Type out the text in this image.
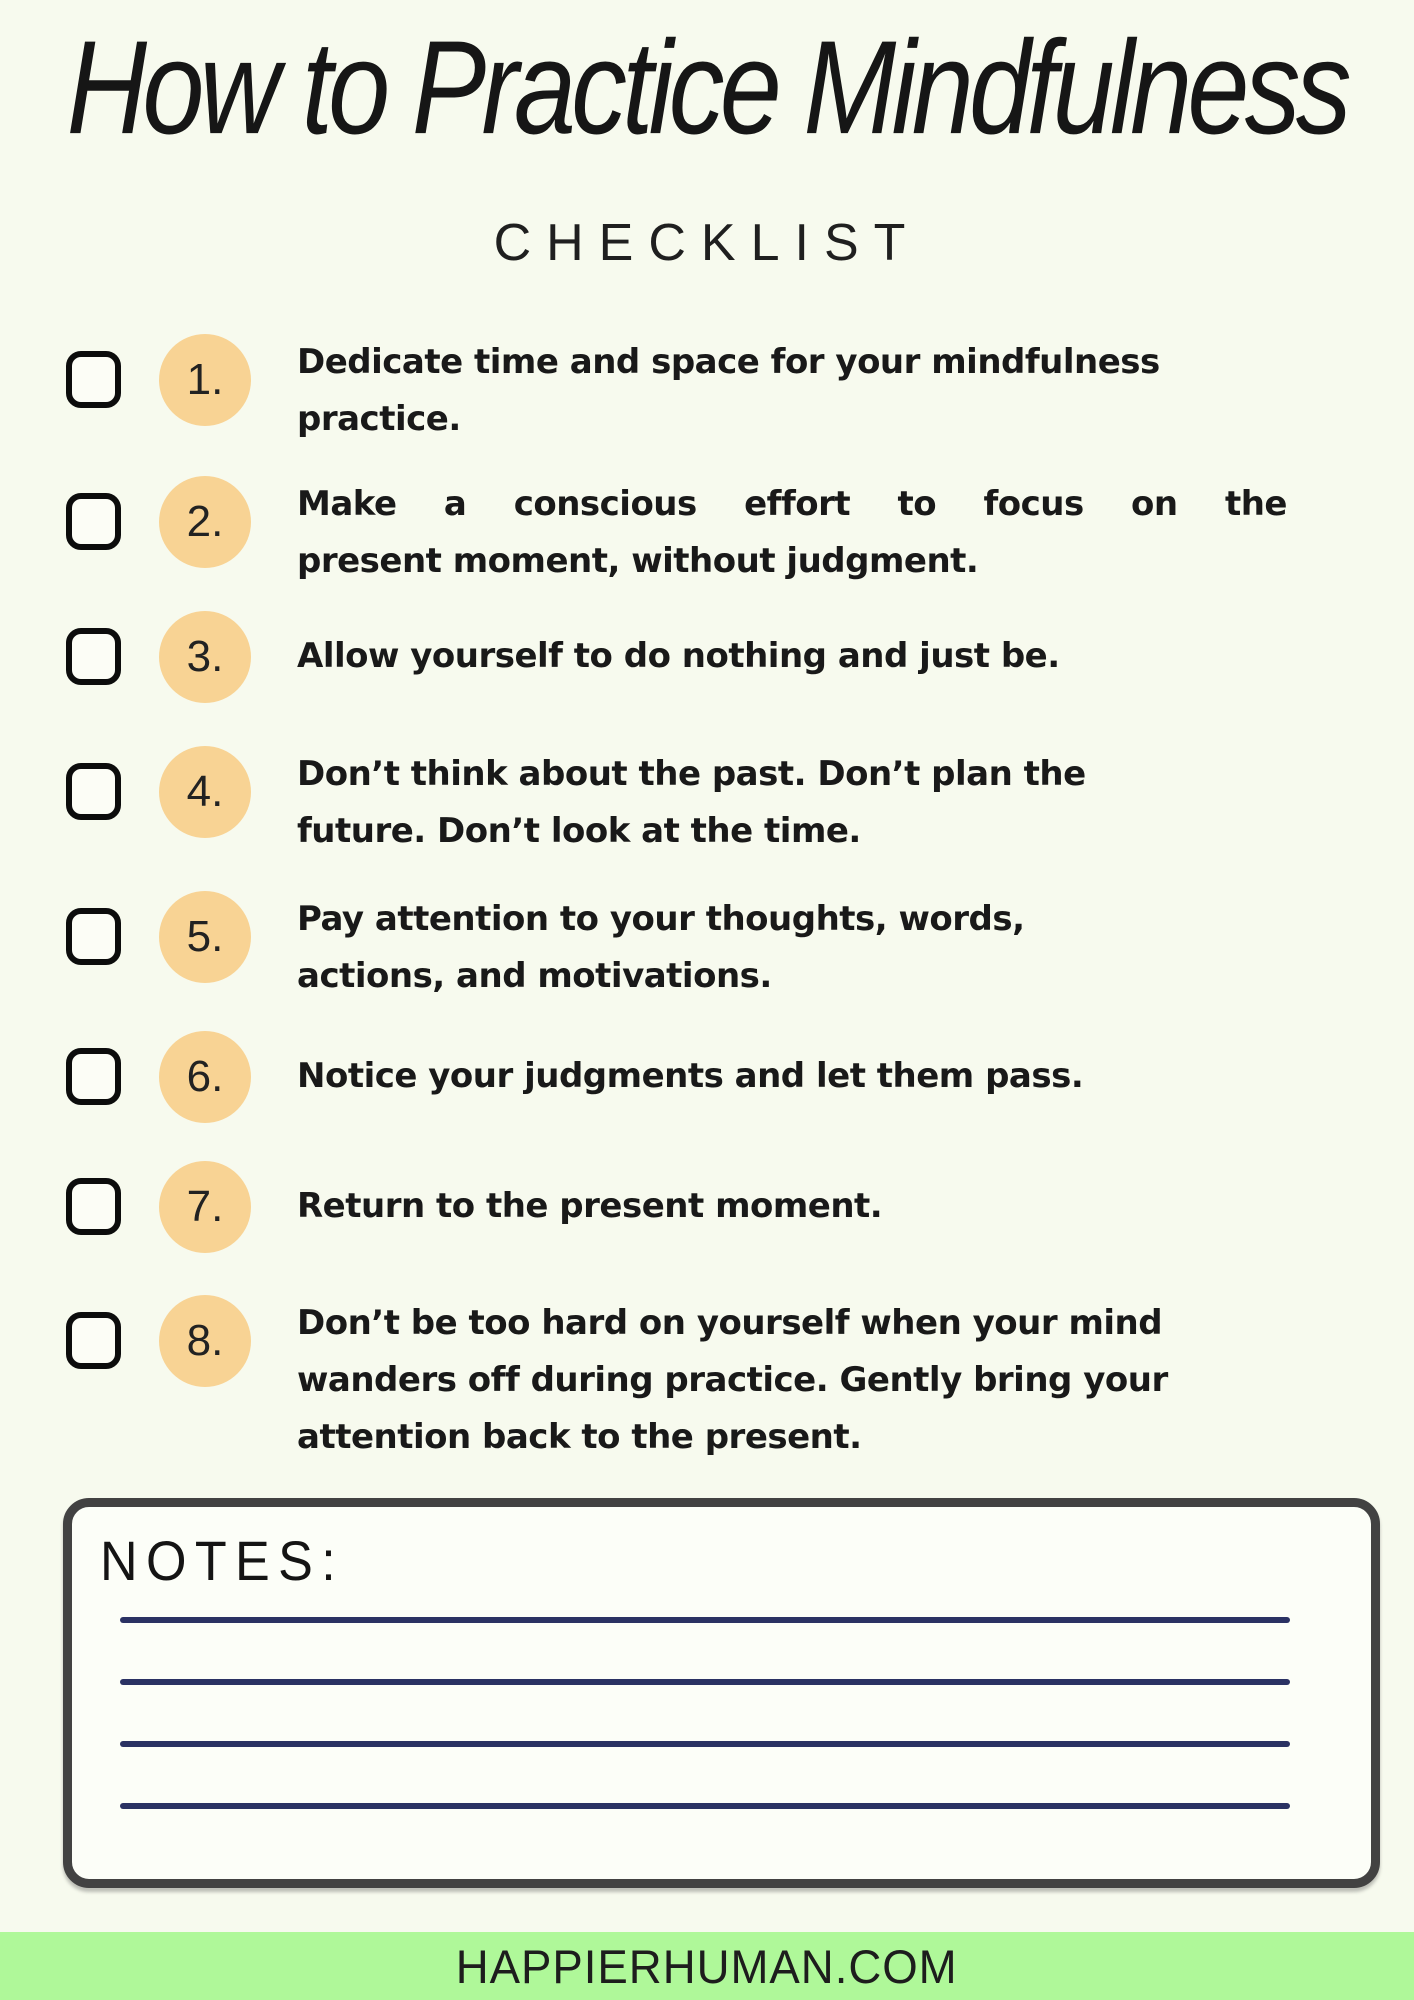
How to Practice Mindfulness
CHECKLIST
1. Dedicate time and space for your mindfulness
practice.
2. Make a conscious effort to focus on the
present moment, without judgment.
3. Allow yourself to do nothing and just be.
4. Don’t think about the past. Don’t plan the
future. Don’t look at the time.
5. Pay attention to your thoughts, words,
actions, and motivations.
6. Notice your judgments and let them pass.
7. Return to the present moment.
8. Don’t be too hard on yourself when your mind
wanders off during practice. Gently bring your
attention back to the present.
NOTES:
HAPPIERHUMAN.COM
